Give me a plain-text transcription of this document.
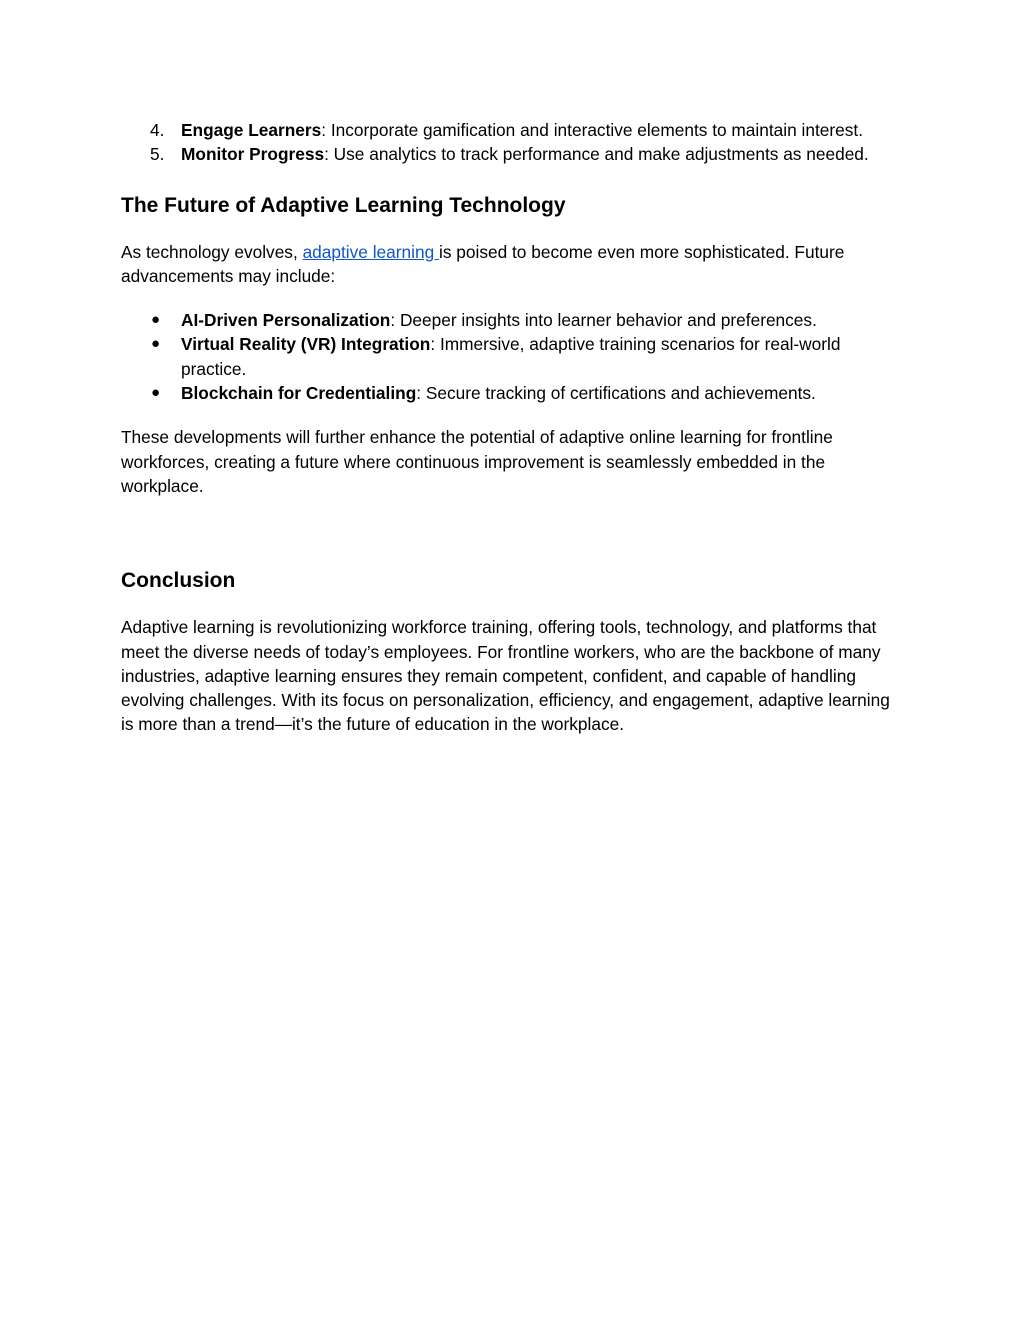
4. Engage Learners: Incorporate gamification and interactive elements to maintain interest.
5. Monitor Progress: Use analytics to track performance and make adjustments as needed.
The Future of Adaptive Learning Technology

As technology evolves, adaptive learning is poised to become even more sophisticated. Future advancements may include:

● AI-Driven Personalization: Deeper insights into learner behavior and preferences.
● Virtual Reality (VR) Integration: Immersive, adaptive training scenarios for real-world practice.
● Blockchain for Credentialing: Secure tracking of certifications and achievements.

These developments will further enhance the potential of adaptive online learning for frontline workforces, creating a future where continuous improvement is seamlessly embedded in the workplace.

Conclusion

Adaptive learning is revolutionizing workforce training, offering tools, technology, and platforms that meet the diverse needs of today’s employees. For frontline workers, who are the backbone of many industries, adaptive learning ensures they remain competent, confident, and capable of handling evolving challenges. With its focus on personalization, efficiency, and engagement, adaptive learning is more than a trend—it’s the future of education in the workplace.
